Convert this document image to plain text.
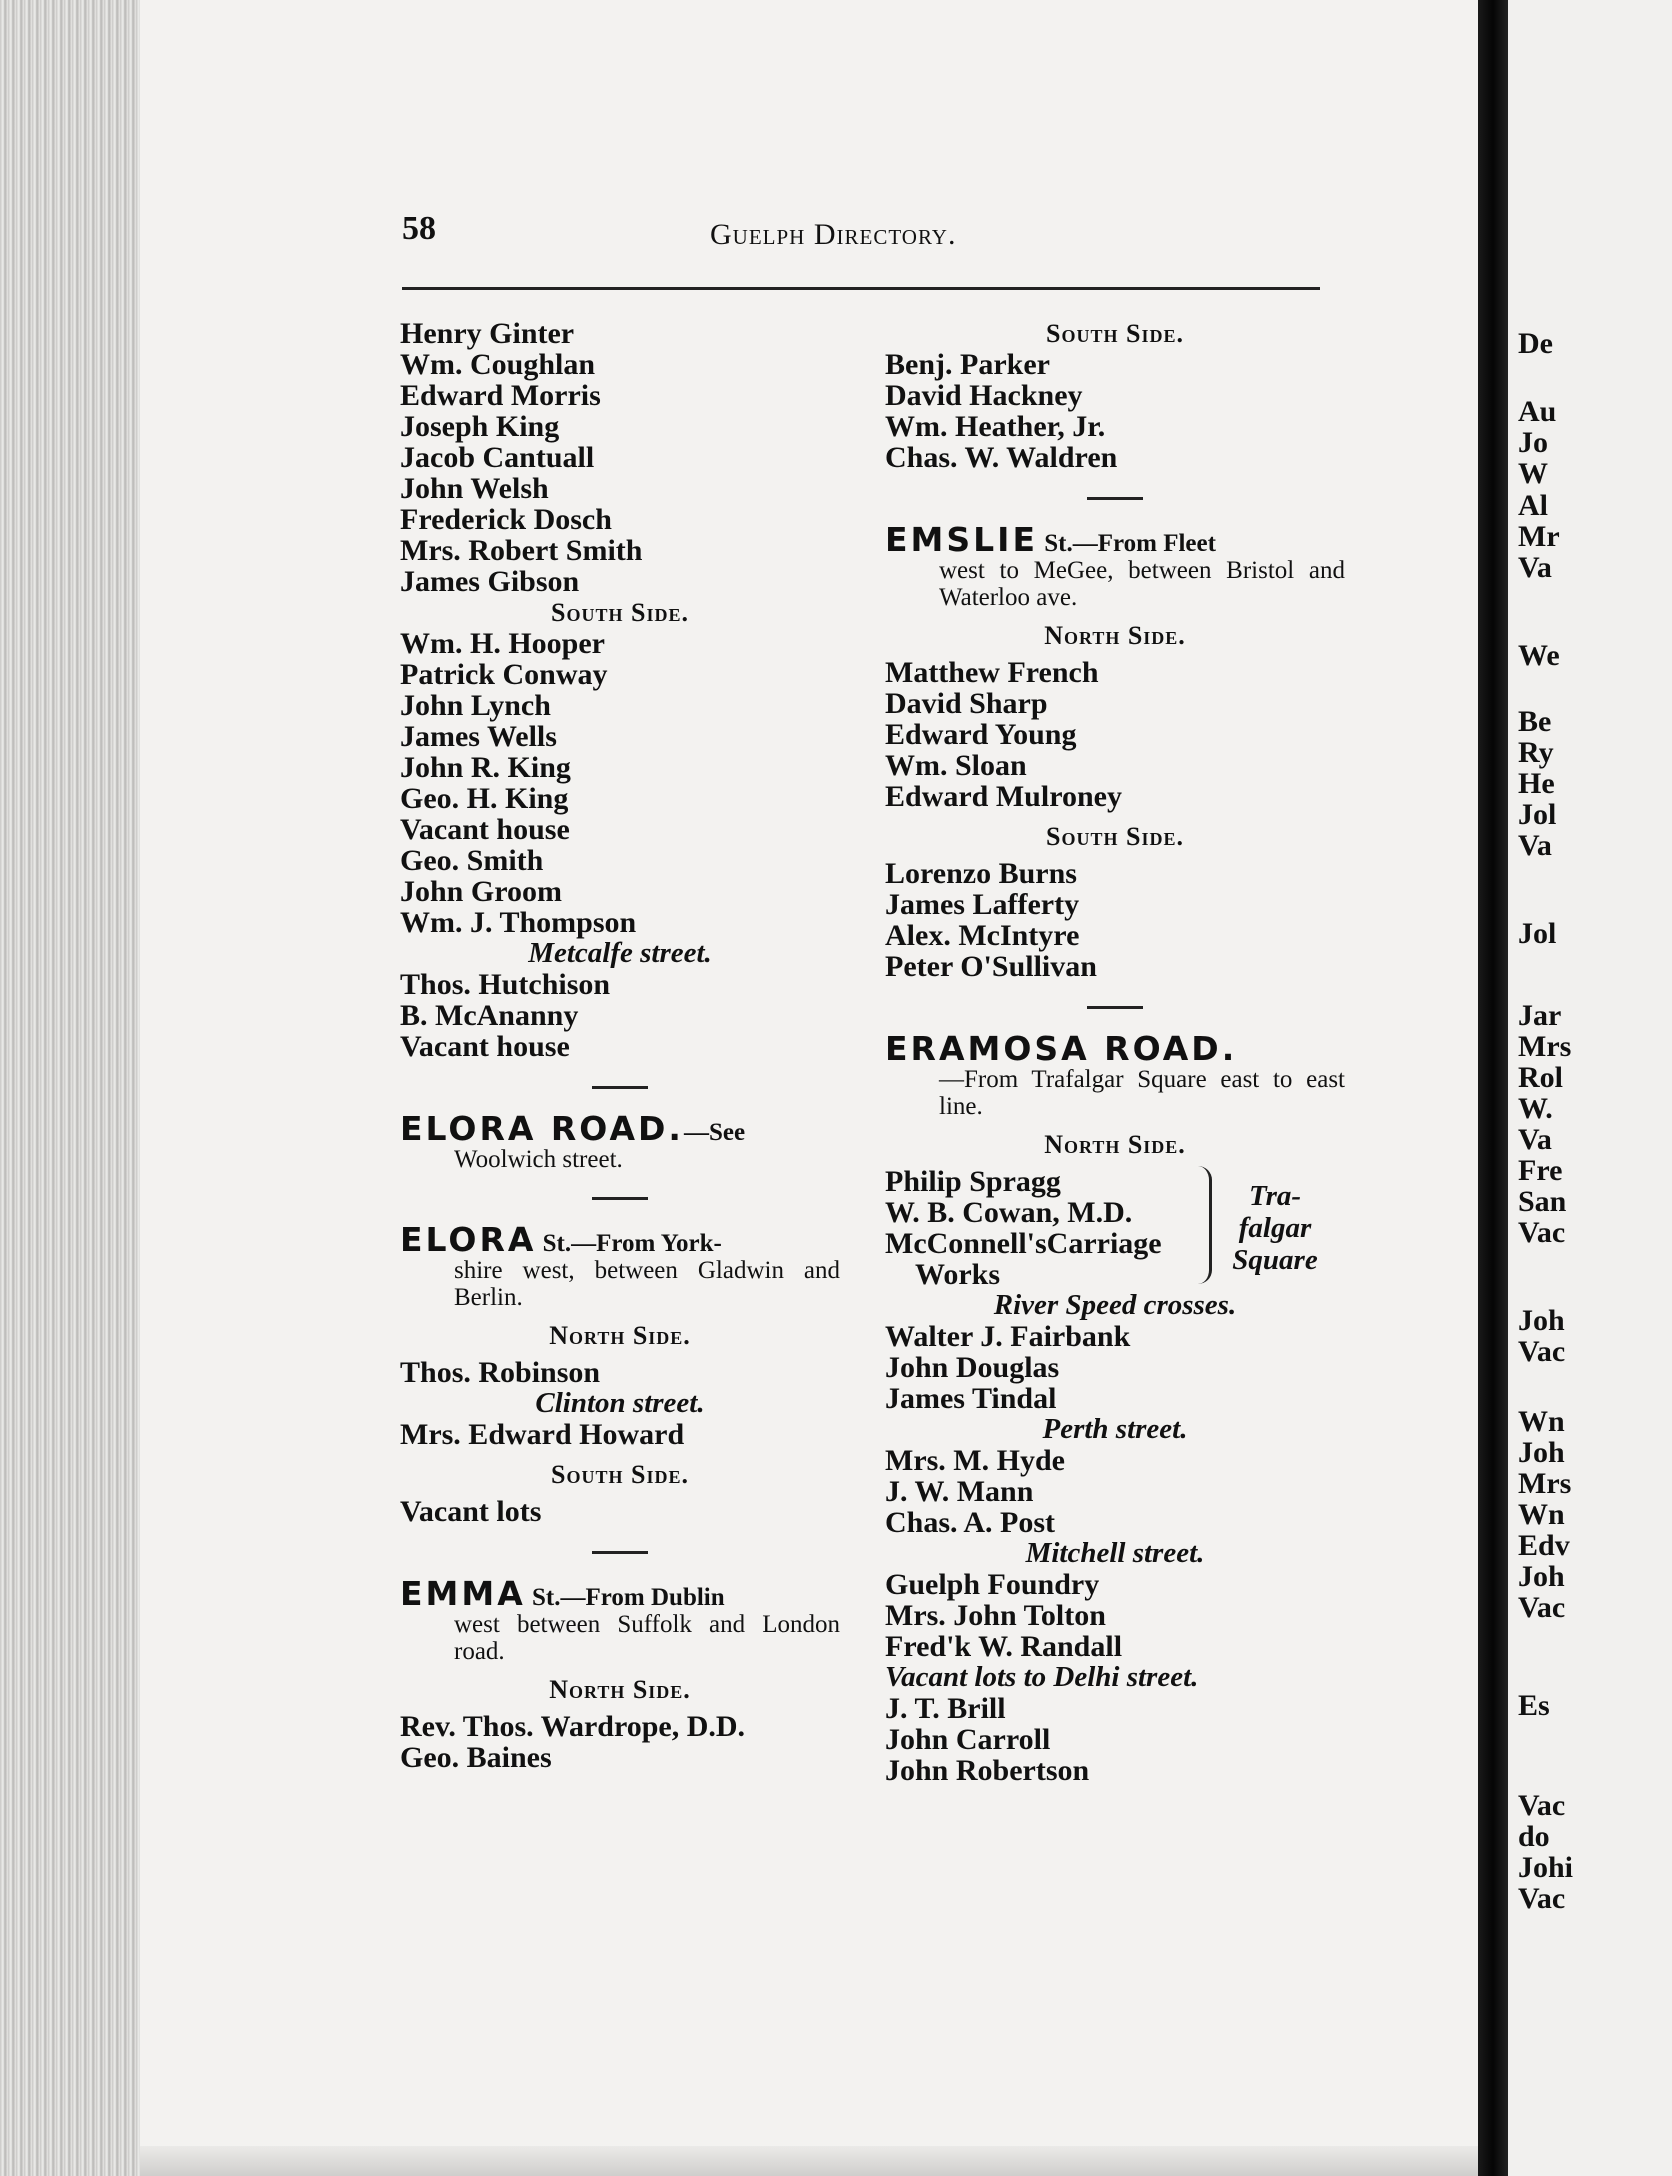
De
Au
Jo
W
Al
Mr
Va
We
Be
Ry
He
Jol
Va
Jol
Jar
Mrs
Rol
W.
Va
Fre
San
Vac
Joh
Vac
Wn
Joh
Mrs
Wn
Edv
Joh
Vac
Es
Vac
do
Johi
Vac
58	Guelph Directory.
Henry Ginter
Wm. Coughlan
Edward Morris
Joseph King
Jacob Cantuall
John Welsh
Frederick Dosch
Mrs. Robert Smith
James Gibson
South Side.
Wm. H. Hooper
Patrick Conway
John Lynch
James Wells
John R. King
Geo. H. King
Vacant house
Geo. Smith
John Groom
Wm. J. Thompson
Metcalfe street.
Thos. Hutchison
B. McAnanny
Vacant house
ELORA ROAD.—See
Woolwich street.
ELORA St.—From York-
shire west, between Gladwin and Berlin.
North Side.
Thos. Robinson
Clinton street.
Mrs. Edward Howard
South Side.
Vacant lots
EMMA St.—From Dublin
west between Suffolk and London road.
North Side.
Rev. Thos. Wardrope, D.D.
Geo. Baines
South Side.
Benj. Parker
David Hackney
Wm. Heather, Jr.
Chas. W. Waldren
EMSLIE St.—From Fleet
west to MeGee, between Bristol and Waterloo ave.
North Side.
Matthew French
David Sharp
Edward Young
Wm. Sloan
Edward Mulroney
South Side.
Lorenzo Burns
James Lafferty
Alex. McIntyre
Peter O'Sullivan
ERAMOSA ROAD.
—From Trafalgar Square east to east line.
North Side.
Philip Spragg
W. B. Cowan, M.D.
McConnell'sCarriage
Works
Tra-
falgar
Square
River Speed crosses.
Walter J. Fairbank
John Douglas
James Tindal
Perth street.
Mrs. M. Hyde
J. W. Mann
Chas. A. Post
Mitchell street.
Guelph Foundry
Mrs. John Tolton
Fred'k W. Randall
Vacant lots to Delhi street.
J. T. Brill
John Carroll
John Robertson
